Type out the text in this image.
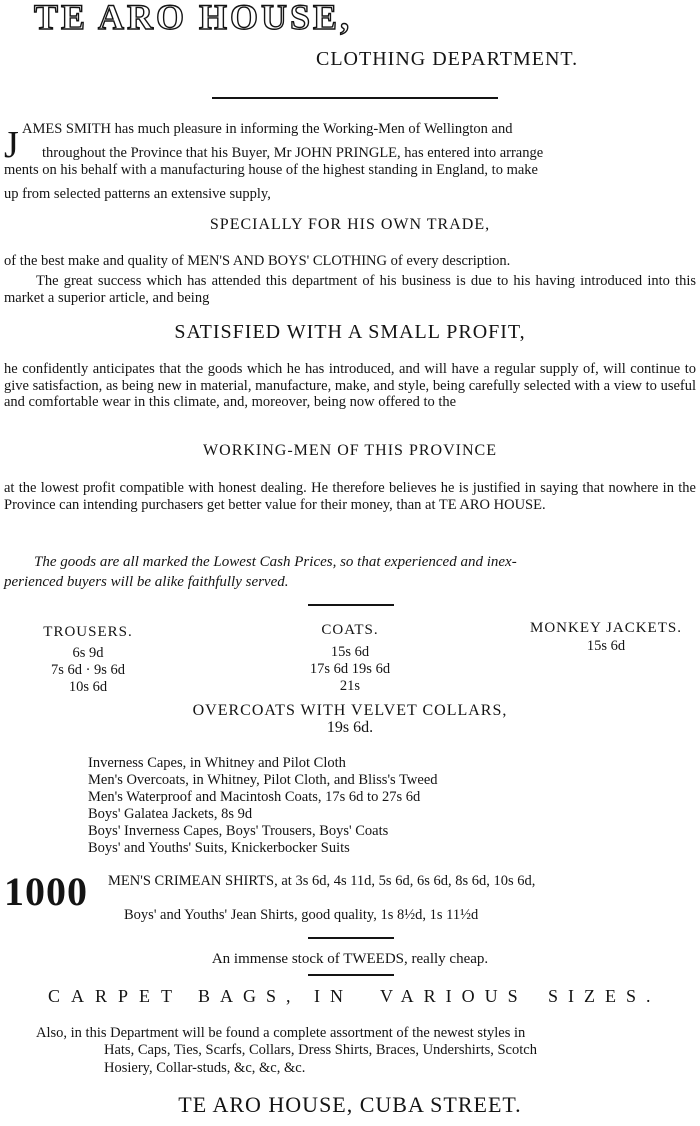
TE ARO HOUSE,
CLOTHING DEPARTMENT.
J AMES SMITH has much pleasure in informing the Working-Men of Wellington and
throughout the Province that his Buyer, Mr JOHN PRINGLE, has entered into arrange
ments on his behalf with a manufacturing house of the highest standing in England, to make
up from selected patterns an extensive supply,
SPECIALLY FOR HIS OWN TRADE,
of the best make and quality of MEN'S AND BOYS' CLOTHING of every description.
The great success which has attended this department of his business is due to his having introduced into this market a superior article, and being
SATISFIED WITH A SMALL PROFIT,
he confidently anticipates that the goods which he has introduced, and will have a regular supply of, will continue to give satisfaction, as being new in material, manufacture, make, and style, being carefully selected with a view to useful and comfortable wear in this climate, and, moreover, being now offered to the
WORKING-MEN OF THIS PROVINCE
at the lowest profit compatible with honest dealing. He therefore believes he is justified in saying that nowhere in the Province can intending purchasers get better value for their money, than at TE ARO HOUSE.
The goods are all marked the Lowest Cash Prices, so that experienced and inex-
perienced buyers will be alike faithfully served.
TROUSERS.
6s 9d
7s 6d · 9s 6d
10s 6d
COATS.
15s 6d
17s 6d 19s 6d
21s
MONKEY JACKETS.
15s 6d
OVERCOATS WITH VELVET COLLARS,
19s 6d.
Inverness Capes, in Whitney and Pilot Cloth
Men's Overcoats, in Whitney, Pilot Cloth, and Bliss's Tweed
Men's Waterproof and Macintosh Coats, 17s 6d to 27s 6d
Boys' Galatea Jackets, 8s 9d
Boys' Inverness Capes, Boys' Trousers, Boys' Coats
Boys' and Youths' Suits, Knickerbocker Suits
1000 MEN'S CRIMEAN SHIRTS, at 3s 6d, 4s 11d, 5s 6d, 6s 6d, 8s 6d, 10s 6d,
Boys' and Youths' Jean Shirts, good quality, 1s 8½d, 1s 11½d
An immense stock of TWEEDS, really cheap.
CARPET BAGS, IN VARIOUS SIZES.
Also, in this Department will be found a complete assortment of the newest styles in
Hats, Caps, Ties, Scarfs, Collars, Dress Shirts, Braces, Undershirts, Scotch
Hosiery, Collar-studs, &c, &c, &c.
TE ARO HOUSE, CUBA STREET.
